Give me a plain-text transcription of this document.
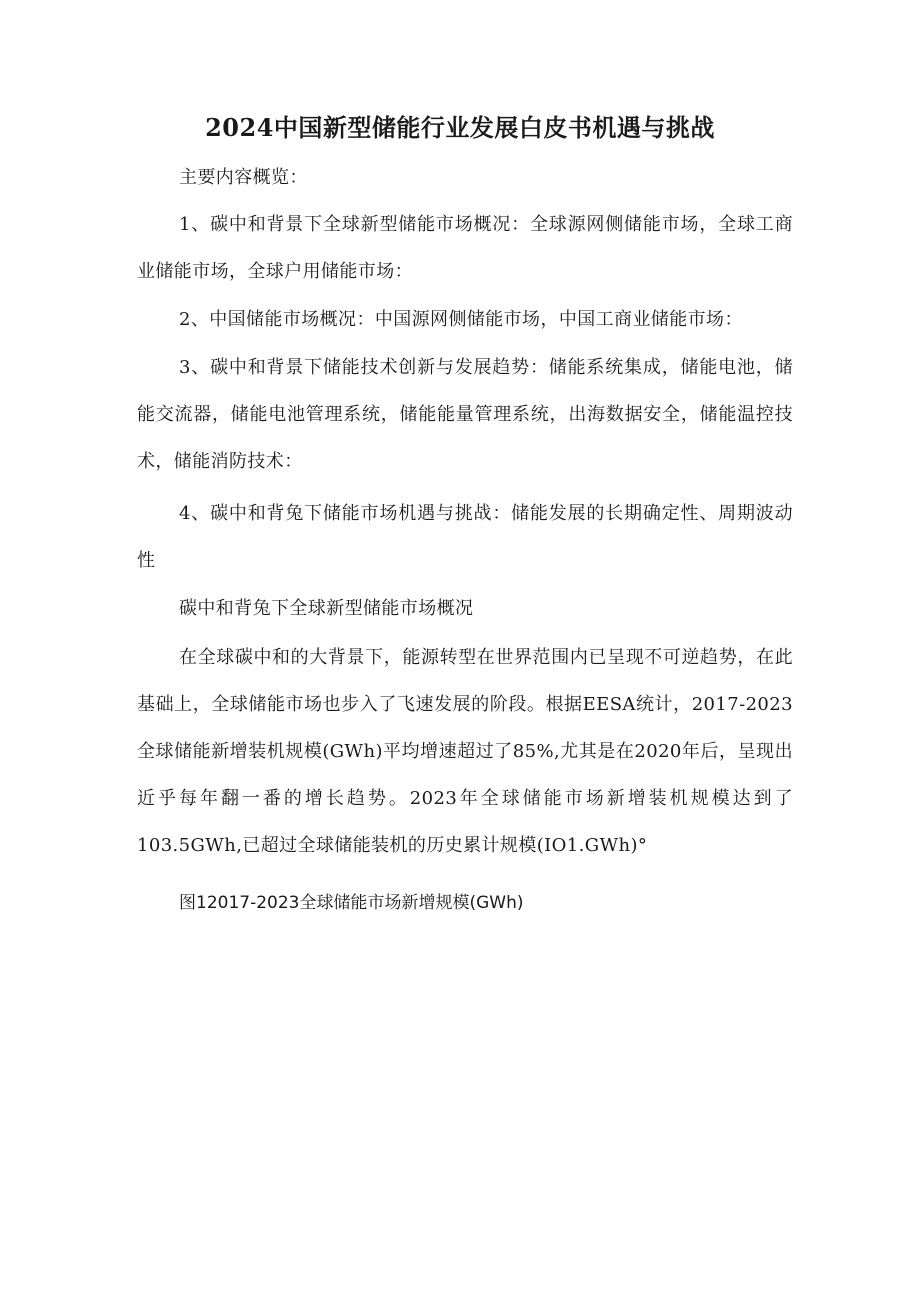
2024中国新型储能行业发展白皮书机遇与挑战

主要内容概览：

1、碳中和背景下全球新型储能市场概况：全球源网侧储能市场，全球工商业储能市场，全球户用储能市场：

2、中国储能市场概况：中国源网侧储能市场，中国工商业储能市场：

3、碳中和背景下储能技术创新与发展趋势：储能系统集成，储能电池，储能交流器，储能电池管理系统，储能能量管理系统，出海数据安全，储能温控技术，储能消防技术：

4、碳中和背兔下储能市场机遇与挑战：储能发展的长期确定性、周期波动性

碳中和背兔下全球新型储能市场概况

在全球碳中和的大背景下，能源转型在世界范围内已呈现不可逆趋势，在此基础上，全球储能市场也步入了飞速发展的阶段。根据EESA统计，2017-2023全球储能新增装机规模(GWh)平均增速超过了85%,尤其是在2020年后，呈现出近乎每年翻一番的增长趋势。2023年全球储能市场新增装机规模达到了103.5GWh,已超过全球储能装机的历史累计规模(IO1.GWh)°

图12017-2023全球储能市场新增规模(GWh)
